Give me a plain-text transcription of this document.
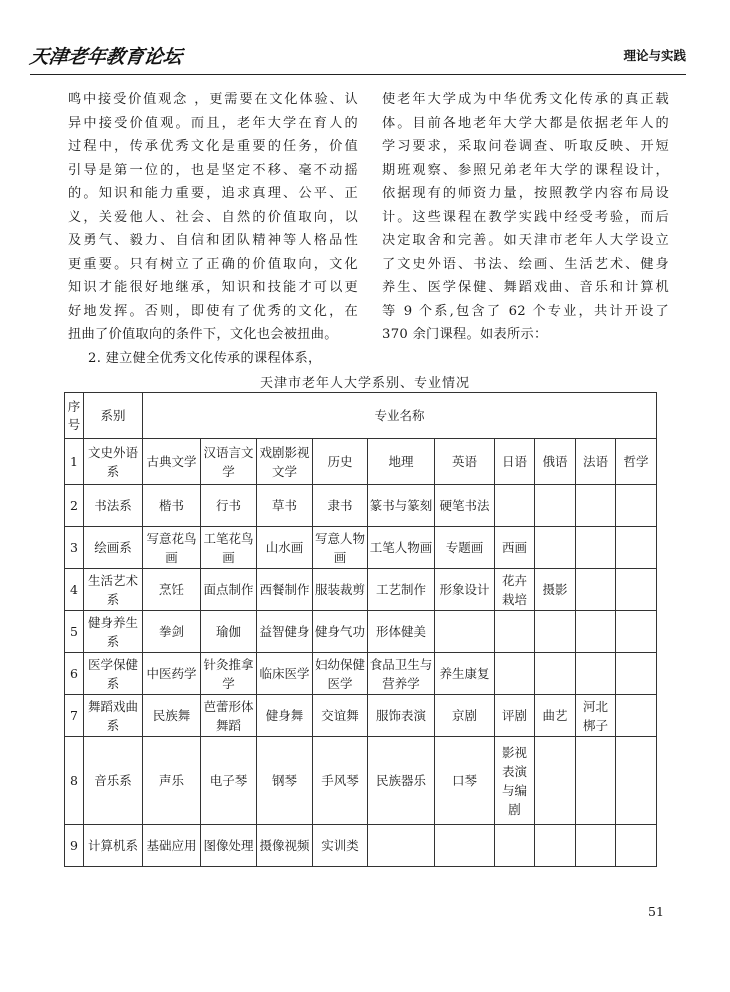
天津老年教育论坛	理论与实践

鸣中接受价值观念 ，更需要在文化体验、认

异中接受价值观。而且，老年大学在育人的

过程中，传承优秀文化是重要的任务，价值

引导是第一位的，也是坚定不移、毫不动摇

的。知识和能力重要，追求真理、公平、正

义，关爱他人、社会、自然的价值取向，以

及勇气、毅力、自信和团队精神等人格品性

更重要。只有树立了正确的价值取向，文化

知识才能很好地继承，知识和技能才可以更

好地发挥。否则，即使有了优秀的文化，在

扭曲了价值取向的条件下，文化也会被扭曲。

使老年大学成为中华优秀文化传承的真正载

体。目前各地老年大学大都是依据老年人的

学习要求，采取问卷调查、听取反映、开短

期班观察、参照兄弟老年大学的课程设计，

依据现有的师资力量，按照教学内容布局设

计。这些课程在教学实践中经受考验，而后

决定取舍和完善。如天津市老年人大学设立

了文史外语、书法、绘画、生活艺术、健身

养生、医学保健、舞蹈戏曲、音乐和计算机

等 9 个系,包含了 62 个专业，共计开设了

370 余门课程。如表所示：

2. 建立健全优秀文化传承的课程体系，
天津市老年人大学系别、专业情况
序号	系别	专业名称									
1	文史外语系	古典文学	汉语言文学	戏剧影视文学	历史	地理	英语	日语	俄语	法语	哲学
2	书法系	楷书	行书	草书	隶书	篆书与篆刻	硬笔书法				
3	绘画系	写意花鸟画	工笔花鸟画	山水画	写意人物画	工笔人物画	专题画	西画			
4	生活艺术系	烹饪	面点制作	西餐制作	服装裁剪	工艺制作	形象设计	花卉栽培	摄影		
5	健身养生系	拳剑	瑜伽	益智健身	健身气功	形体健美					
6	医学保健系	中医药学	针灸推拿学	临床医学	妇幼保健医学	食品卫生与营养学	养生康复				
7	舞蹈戏曲系	民族舞	芭蕾形体舞蹈	健身舞	交谊舞	服饰表演	京剧	评剧	曲艺	河北梆子	
8	音乐系	声乐	电子琴	钢琴	手风琴	民族器乐	口琴	影视表演与编剧			
9	计算机系	基础应用	图像处理	摄像视频	实训类						
51
